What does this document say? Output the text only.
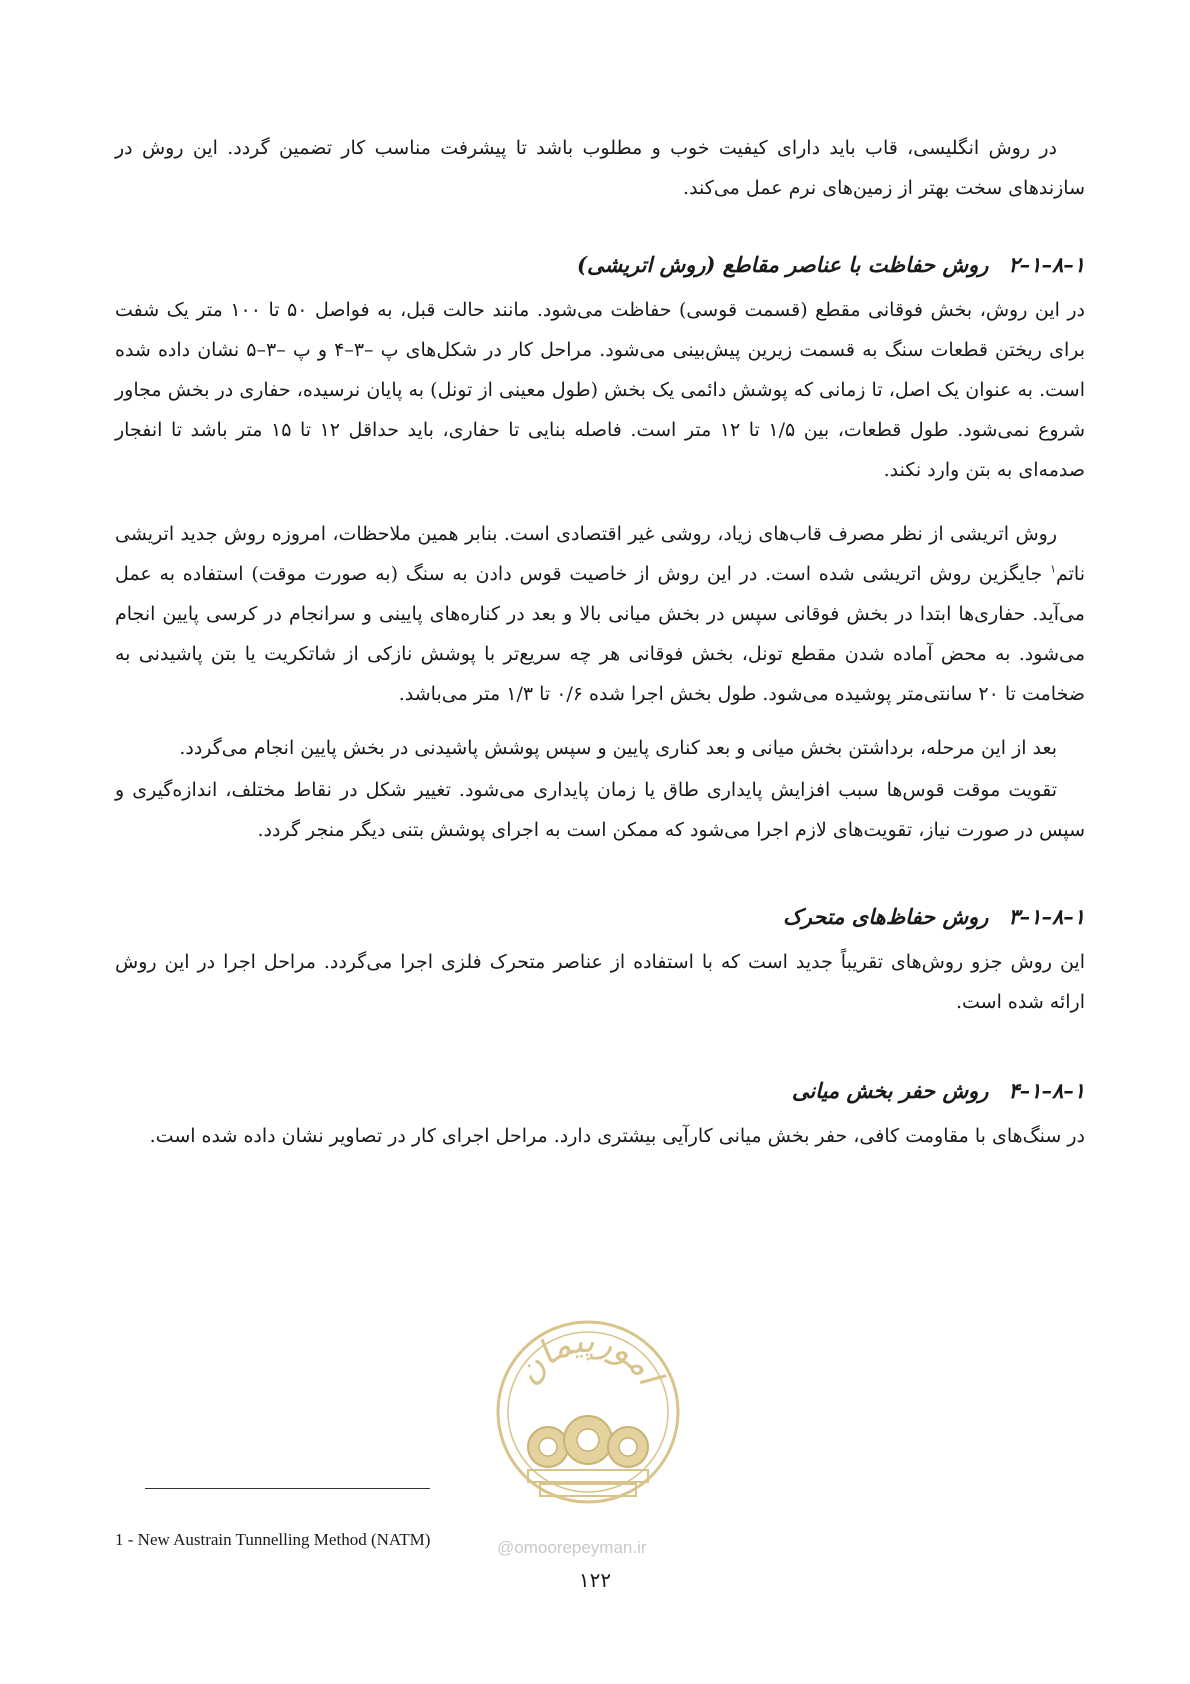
در روش انگلیسی، قاب باید دارای کیفیت خوب و مطلوب باشد تا پیشرفت مناسب کار تضمین گردد. این روش در سازندهای سخت بهتر از زمین‌های نرم عمل می‌کند.

۱–۸–۱–۲روش حفاظت با عناصر مقاطع (روش اتریشی)

در این روش، بخش فوقانی مقطع (قسمت قوسی) حفاظت می‌شود. مانند حالت قبل، به فواصل ۵۰ تا ۱۰۰ متر یک شفت برای ریختن قطعات سنگ به قسمت زیرین پیش‌بینی می‌شود. مراحل کار در شکل‌های پ –۳–۴ و پ –۳–۵ نشان داده شده است. به عنوان یک اصل، تا زمانی که پوشش دائمی یک بخش (طول معینی از تونل) به پایان نرسیده، حفاری در بخش مجاور شروع نمی‌شود. طول قطعات، بین ۱/۵ تا ۱۲ متر است. فاصله بنایی تا حفاری، باید حداقل ۱۲ تا ۱۵ متر باشد تا انفجار صدمه‌ای به بتن وارد نکند.

روش اتریشی از نظر مصرف قاب‌های زیاد، روشی غیر اقتصادی است. بنابر همین ملاحظات، امروزه روش جدید اتریشی ناتم$^۱$ جایگزین روش اتریشی شده است. در این روش از خاصیت قوس دادن به سنگ (به صورت موقت) استفاده به عمل می‌آید. حفاری‌ها ابتدا در بخش فوقانی سپس در بخش میانی بالا و بعد در کناره‌های پایینی و سرانجام در کرسی پایین انجام می‌شود. به محض آماده شدن مقطع تونل، بخش فوقانی هر چه سریع‌تر با پوشش نازکی از شاتکریت یا بتن پاشیدنی به ضخامت تا ۲۰ سانتی‌متر پوشیده می‌شود. طول بخش اجرا شده ۰/۶ تا ۱/۳ متر می‌باشد.

بعد از این مرحله، برداشتن بخش میانی و بعد کناری پایین و سپس پوشش پاشیدنی در بخش پایین انجام می‌گردد.

تقویت موقت قوس‌ها سبب افزایش پایداری طاق یا زمان پایداری می‌شود. تغییر شکل در نقاط مختلف، اندازه‌گیری و سپس در صورت نیاز، تقویت‌های لازم اجرا می‌شود که ممکن است به اجرای پوشش بتنی دیگر منجر گردد.

۱–۸–۱–۳روش حفاظ‌های متحرک

این روش جزو روش‌های تقریباً جدید است که با استفاده از عناصر متحرک فلزی اجرا می‌گردد. مراحل اجرا در این روش ارائه شده است.

۱–۸–۱–۴روش حفر بخش میانی

در سنگ‌های با مقاومت کافی، حفر بخش میانی کارآیی بیشتری دارد. مراحل اجرای کار در تصاویر نشان داده شده است.

امورپیمان

1 - New Austrain Tunnelling Method (NATM)	@omoorepeyman.ir

۱۲۲
